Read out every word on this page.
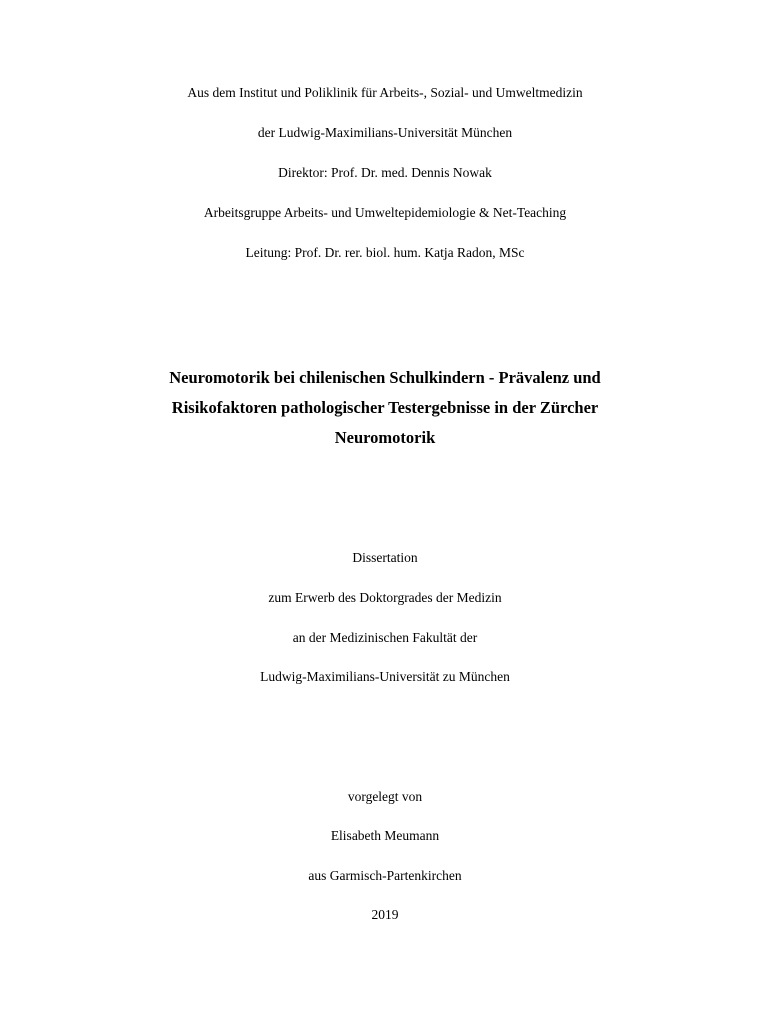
Aus dem Institut und Poliklinik für Arbeits-, Sozial- und Umweltmedizin
der Ludwig-Maximilians-Universität München
Direktor: Prof. Dr. med. Dennis Nowak
Arbeitsgruppe Arbeits- und Umweltepidemiologie & Net-Teaching
Leitung: Prof. Dr. rer. biol. hum. Katja Radon, MSc
Neuromotorik bei chilenischen Schulkindern - Prävalenz und
Risikofaktoren pathologischer Testergebnisse in der Zürcher
Neuromotorik
Dissertation
zum Erwerb des Doktorgrades der Medizin
an der Medizinischen Fakultät der
Ludwig-Maximilians-Universität zu München
vorgelegt von
Elisabeth Meumann
aus Garmisch-Partenkirchen
2019
